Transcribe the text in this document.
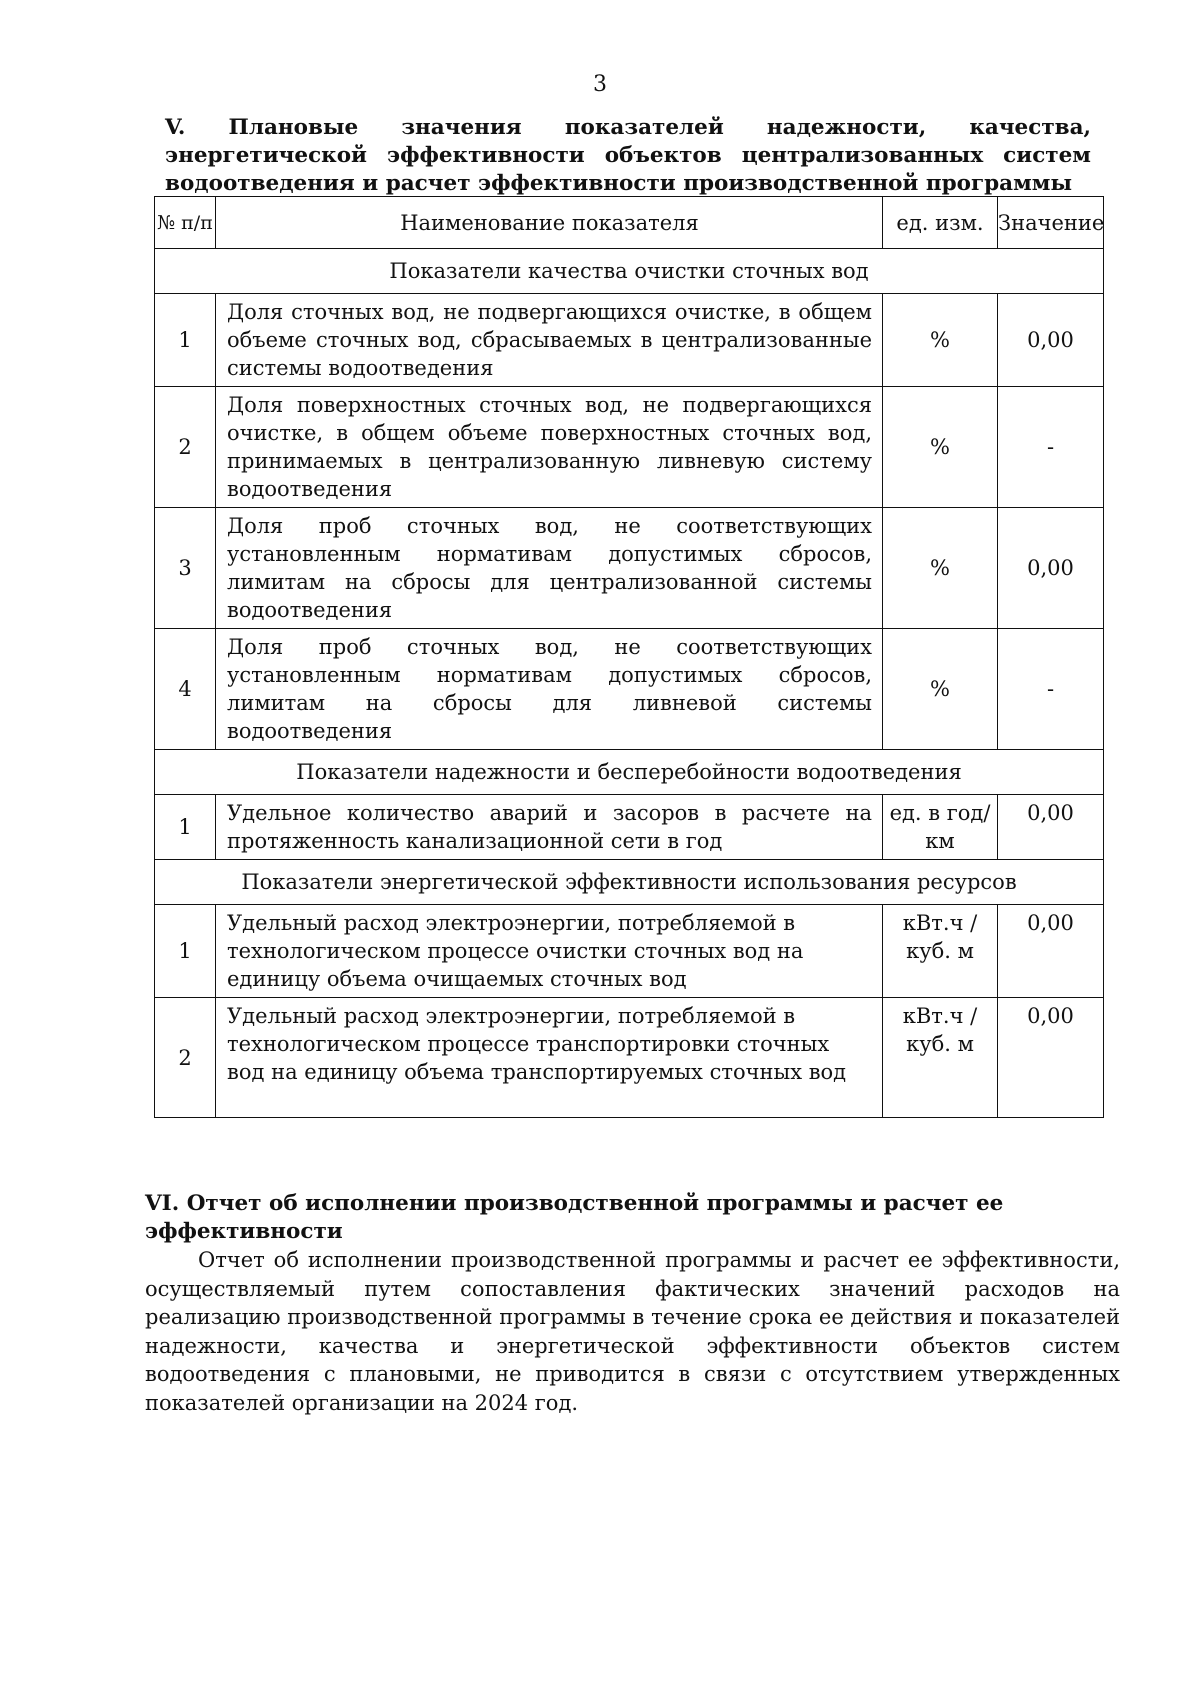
3
V. Плановые значения показателей надежности, качества, энергетической эффективности объектов централизованных систем водоотведения и расчет эффективности производственной программы
№ п/п	Наименование показателя	ед. изм.	Значение
Показатели качества очистки сточных вод			
1	Доля сточных вод, не подвергающихся очистке, в общем объеме сточных вод, сбрасываемых в централизованные системы водоотведения	%	0,00
2	Доля поверхностных сточных вод, не подвергающихся очистке, в общем объеме поверхностных сточных вод, принимаемых в централизованную ливневую систему водоотведения	%	-
3	Доля проб сточных вод, не соответствующих установленным нормативам допустимых сбросов, лимитам на сбросы для централизованной системы водоотведения	%	0,00
4	Доля проб сточных вод, не соответствующих установленным нормативам допустимых сбросов, лимитам на сбросы для ливневой системы водоотведения	%	-
Показатели надежности и бесперебойности водоотведения			
1	Удельное количество аварий и засоров в расчете на протяженность канализационной сети в год	ед. в год/ км	0,00
Показатели энергетической эффективности использования ресурсов			
1	Удельный расход электроэнергии, потребляемой в технологическом процессе очистки сточных вод на единицу объема очищаемых сточных вод	кВт.ч / куб. м	0,00
2	Удельный расход электроэнергии, потребляемой в технологическом процессе транспортировки сточных вод на единицу объема транспортируемых сточных вод	кВт.ч / куб. м	0,00
VI. Отчет об исполнении производственной программы и расчет ее эффективности

Отчет об исполнении производственной программы и расчет ее эффективности, осуществляемый путем сопоставления фактических значений расходов на реализацию производственной программы в течение срока ее действия и показателей надежности, качества и энергетической эффективности объектов систем водоотведения с плановыми, не приводится в связи с отсутствием утвержденных показателей организации на 2024 год.
